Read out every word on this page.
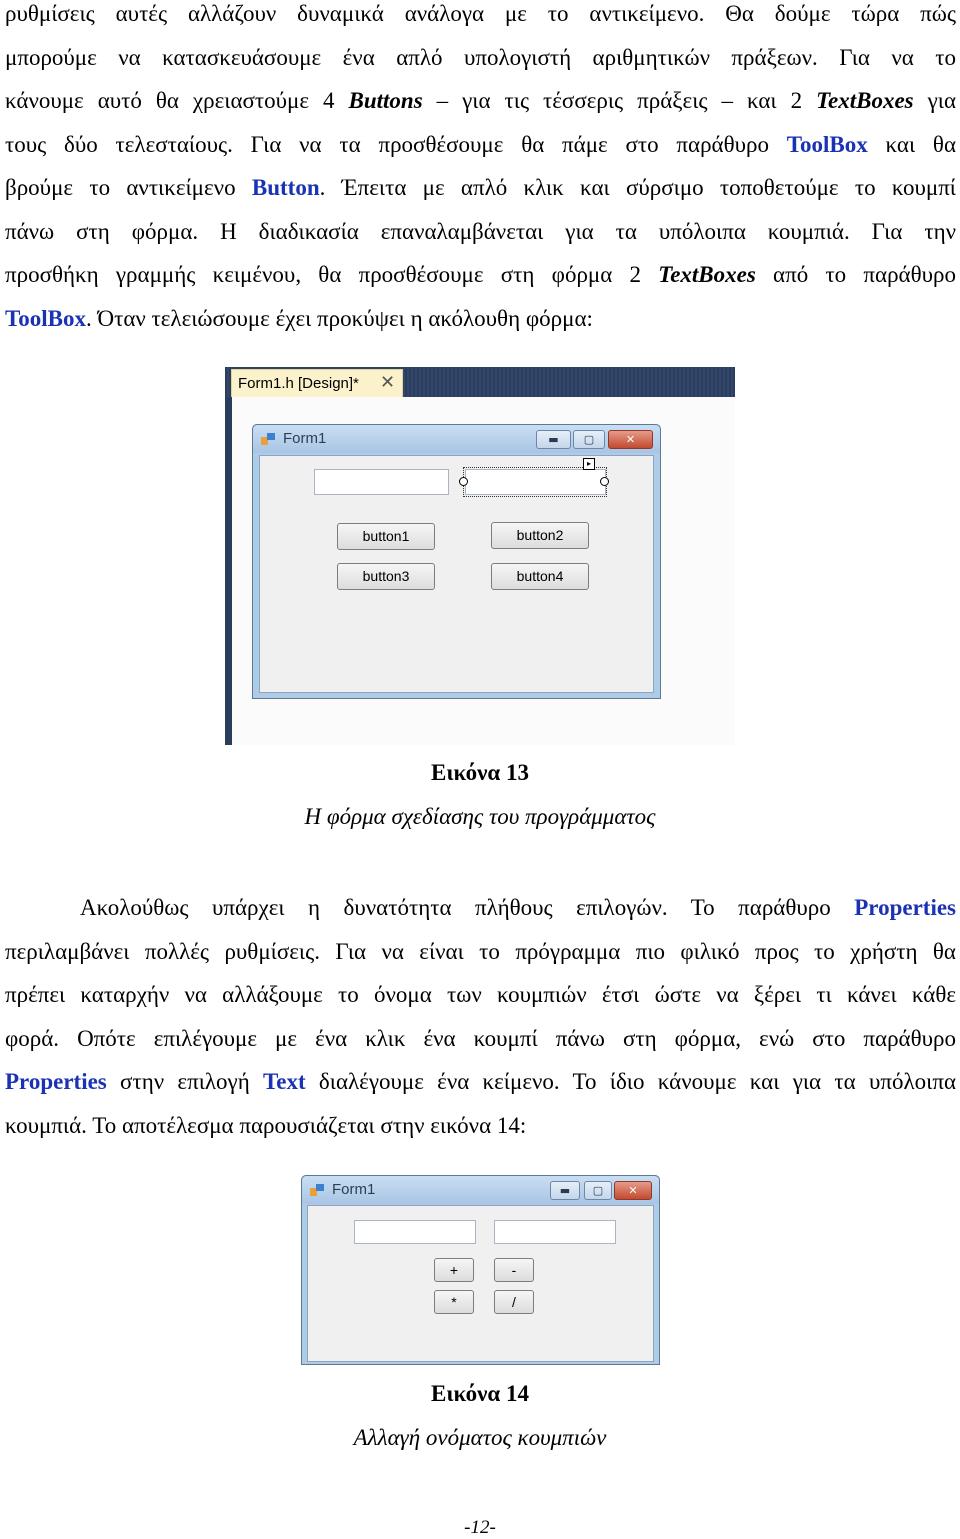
ρυθμίσεις αυτές αλλάζουν δυναμικά ανάλογα με το αντικείμενο. Θα δούμε τώρα πώς
μπορούμε να κατασκευάσουμε ένα απλό υπολογιστή αριθμητικών πράξεων. Για να το
κάνουμε αυτό θα χρειαστούμε 4 Buttons – για τις τέσσερις πράξεις – και 2 TextBoxes για
τους δύο τελεσταίους. Για να τα προσθέσουμε θα πάμε στο παράθυρο ToolBox και θα
βρούμε το αντικείμενο Button. Έπειτα με απλό κλικ και σύρσιμο τοποθετούμε το κουμπί
πάνω στη φόρμα. Η διαδικασία επαναλαμβάνεται για τα υπόλοιπα κουμπιά. Για την
προσθήκη γραμμής κειμένου, θα προσθέσουμε στη φόρμα 2 TextBoxes από το παράθυρο
ToolBox. Όταν τελειώσουμε έχει προκύψει η ακόλουθη φόρμα:
Form1.h [Design]* ✕
Form1	▬	▢	✕
▸
button1	button2
button3	button4
Εικόνα 13
Η φόρμα σχεδίασης του προγράμματος
Ακολούθως υπάρχει η δυνατότητα πλήθους επιλογών. Το παράθυρο Properties
περιλαμβάνει πολλές ρυθμίσεις. Για να είναι το πρόγραμμα πιο φιλικό προς το χρήστη θα
πρέπει καταρχήν να αλλάξουμε το όνομα των κουμπιών έτσι ώστε να ξέρει τι κάνει κάθε
φορά. Οπότε επιλέγουμε με ένα κλικ ένα κουμπί πάνω στη φόρμα, ενώ στο παράθυρο
Properties στην επιλογή Text διαλέγουμε ένα κείμενο. Το ίδιο κάνουμε και για τα υπόλοιπα
κουμπιά. Το αποτέλεσμα παρουσιάζεται στην εικόνα 14:
Form1	▬	▢	✕
+	-
*	/
Εικόνα 14
Αλλαγή ονόματος κουμπιών
-12-
